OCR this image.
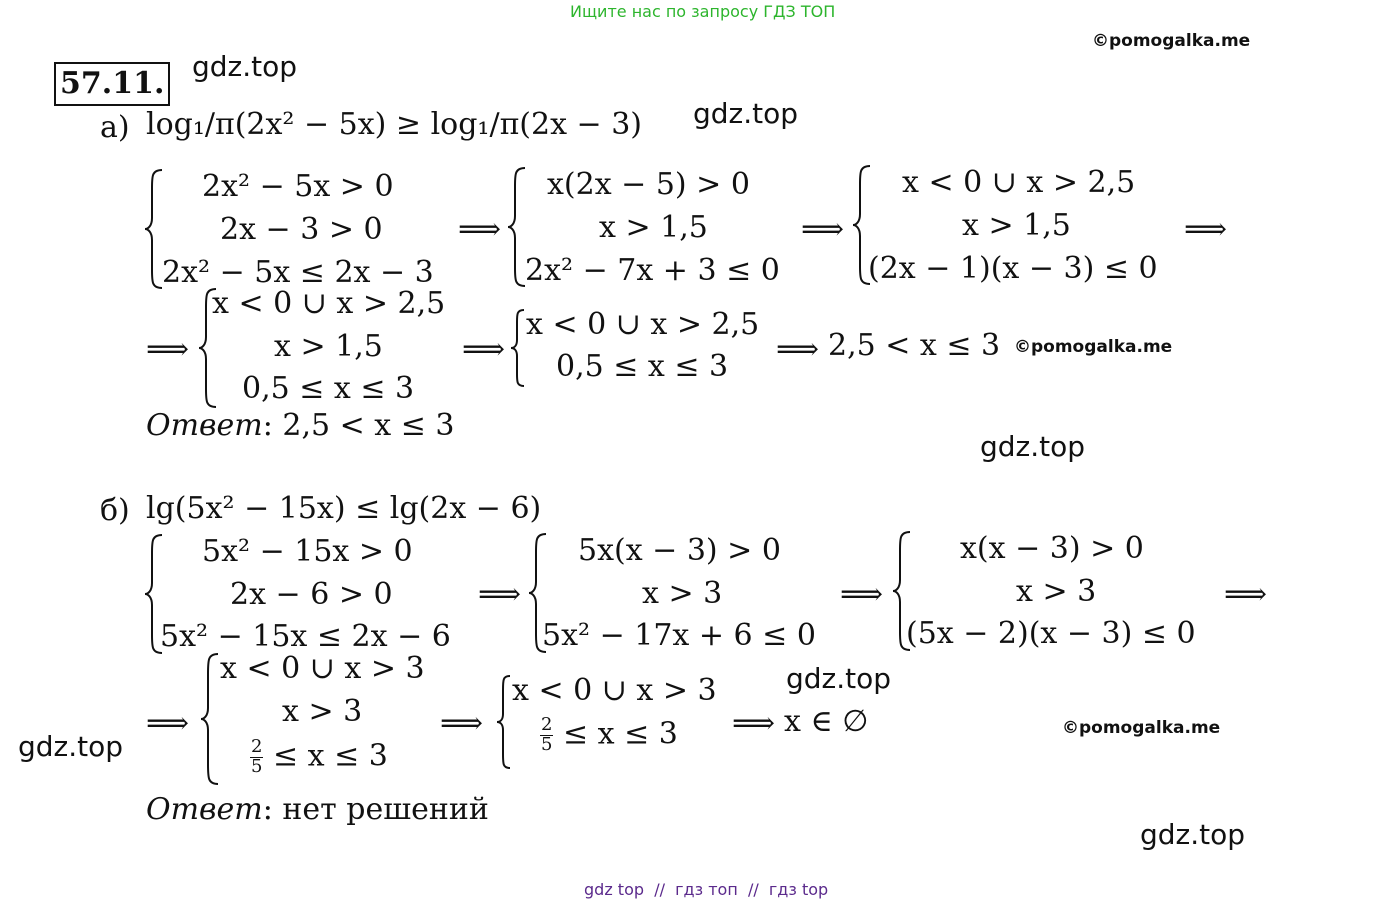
Ищите нас по запросу ГДЗ ТОП
©pomogalka.me
57.11. gdz.top
gdz.top
а) log₁/π(2x² − 5x) ≥ log₁/π(2x − 3)
2x² − 5x > 0
2x − 3 > 0
2x² − 5x ≤ 2x − 3
⟹
x(2x − 5) > 0
x > 1,5
2x² − 7x + 3 ≤ 0
⟹
x < 0 ∪ x > 2,5
x > 1,5
(2x − 1)(x − 3) ≤ 0
⟹
⟹
x < 0 ∪ x > 2,5
x > 1,5
0,5 ≤ x ≤ 3
⟹
x < 0 ∪ x > 2,5
0,5 ≤ x ≤ 3 ⟹ 2,5 < x ≤ 3 ©pomogalka.me
Ответ: 2,5 < x ≤ 3
gdz.top
б) lg(5x² − 15x) ≤ lg(2x − 6)
5x² − 15x > 0
2x − 6 > 0
5x² − 15x ≤ 2x − 6
⟹
5x(x − 3) > 0
x > 3
5x² − 17x + 6 ≤ 0
⟹
x(x − 3) > 0
x > 3
(5x − 2)(x − 3) ≤ 0
⟹
gdz.top
⟹
x < 0 ∪ x > 3
x > 3
$\frac{2}{5} \le x \le 3$
⟹
x < 0 ∪ x > 3
$\frac{2}{5} \le x \le 3$ ⟹ x ∈ ∅
gdz.top
©pomogalka.me
Ответ: нет решений
gdz.top
gdz top  //  гдз топ  //  гдз top
